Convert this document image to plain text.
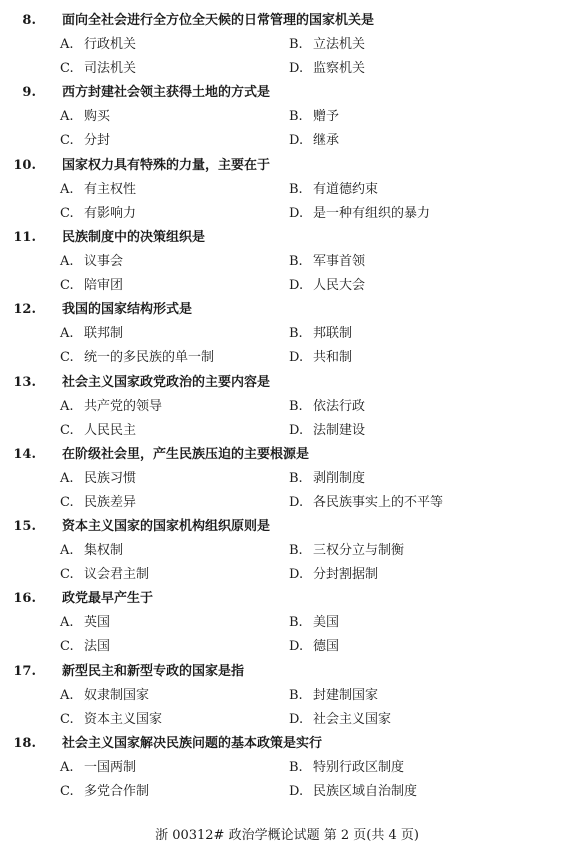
8. 面向全社会进行全方位全天候的日常管理的国家机关是
A. 行政机关	B. 立法机关
C. 司法机关	D. 监察机关
9. 西方封建社会领主获得土地的方式是
A. 购买	B. 赠予
C. 分封	D. 继承
10. 国家权力具有特殊的力量，主要在于
A. 有主权性	B. 有道德约束
C. 有影响力	D. 是一种有组织的暴力
11. 民族制度中的决策组织是
A. 议事会	B. 军事首领
C. 陪审团	D. 人民大会
12. 我国的国家结构形式是
A. 联邦制	B. 邦联制
C. 统一的多民族的单一制	D. 共和制
13. 社会主义国家政党政治的主要内容是
A. 共产党的领导	B. 依法行政
C. 人民民主	D. 法制建设
14. 在阶级社会里，产生民族压迫的主要根源是
A. 民族习惯	B. 剥削制度
C. 民族差异	D. 各民族事实上的不平等
15. 资本主义国家的国家机构组织原则是
A. 集权制	B. 三权分立与制衡
C. 议会君主制	D. 分封割据制
16. 政党最早产生于
A. 英国	B. 美国
C. 法国	D. 德国
17. 新型民主和新型专政的国家是指
A. 奴隶制国家	B. 封建制国家
C. 资本主义国家	D. 社会主义国家
18. 社会主义国家解决民族问题的基本政策是实行
A. 一国两制	B. 特别行政区制度
C. 多党合作制	D. 民族区域自治制度
浙 00312# 政治学概论试题 第 2 页(共 4 页)
